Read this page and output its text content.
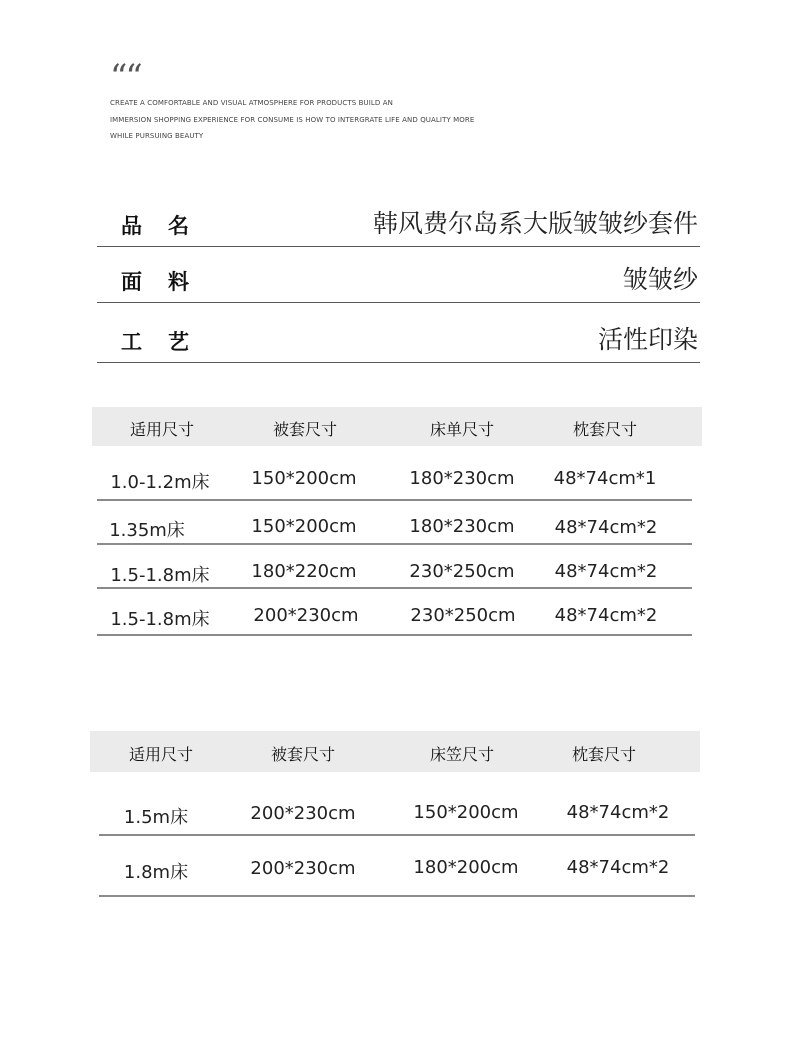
““
CREATE A COMFORTABLE AND VISUAL ATMOSPHERE FOR PRODUCTS BUILD AN
IMMERSION SHOPPING EXPERIENCE FOR CONSUME IS HOW TO INTERGRATE LIFE AND QUALITY MORE
WHILE PURSUING BEAUTY
品名	韩风费尔岛系大版皱皱纱套件
面料	皱皱纱
工艺	活性印染
适用尺寸	被套尺寸	床单尺寸	枕套尺寸
1.0-1.2m床 150*200cm	180*230cm 48*74cm*1
1.35m床	150*200cm	180*230cm 48*74cm*2
1.5-1.8m床 180*220cm	230*250cm 48*74cm*2
1.5-1.8m床 200*230cm	230*250cm 48*74cm*2
适用尺寸	被套尺寸	床笠尺寸	枕套尺寸
1.5m床	200*230cm	150*200cm	48*74cm*2
1.8m床	200*230cm	180*200cm	48*74cm*2
